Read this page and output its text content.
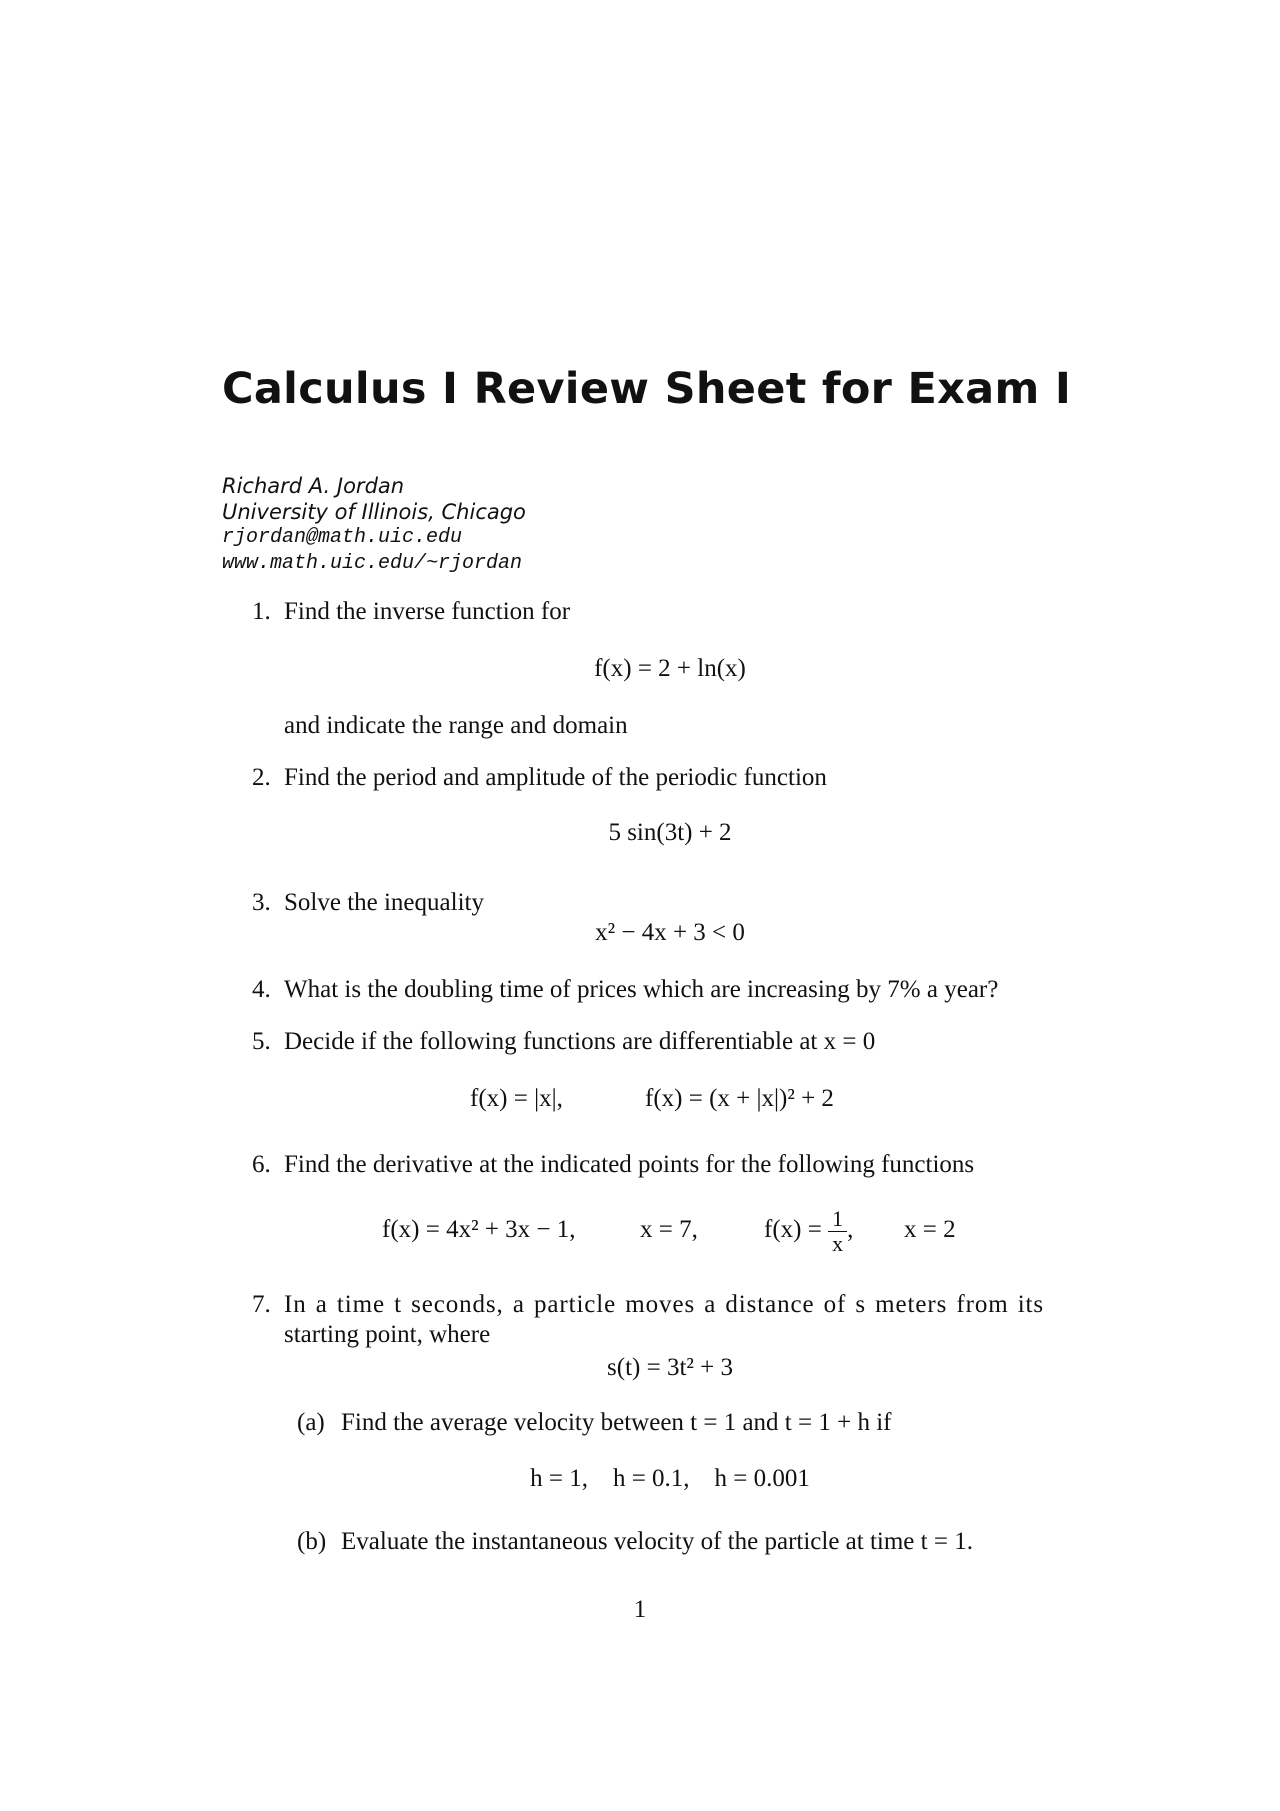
Calculus I Review Sheet for Exam I
Richard A. Jordan
University of Illinois, Chicago
rjordan@math.uic.edu
www.math.uic.edu/~rjordan
1. Find the inverse function for
f(x) = 2 + ln(x)
and indicate the range and domain
2. Find the period and amplitude of the periodic function
5 sin(3t) + 2
3. Solve the inequality
x² − 4x + 3 < 0
4. What is the doubling time of prices which are increasing by 7% a year?
5. Decide if the following functions are differentiable at x = 0
f(x) = |x|,	f(x) = (x + |x|)² + 2
6. Find the derivative at the indicated points for the following functions
f(x) = 4x² + 3x − 1,	x = 7,	$f(x) = \frac{1}{x}$ , x = 2
7. In a time t seconds, a particle moves a distance of s meters from its
starting point, where
s(t) = 3t² + 3
(a) Find the average velocity between t = 1 and t = 1 + h if
h = 1,    h = 0.1,    h = 0.001
(b) Evaluate the instantaneous velocity of the particle at time t = 1.
1
